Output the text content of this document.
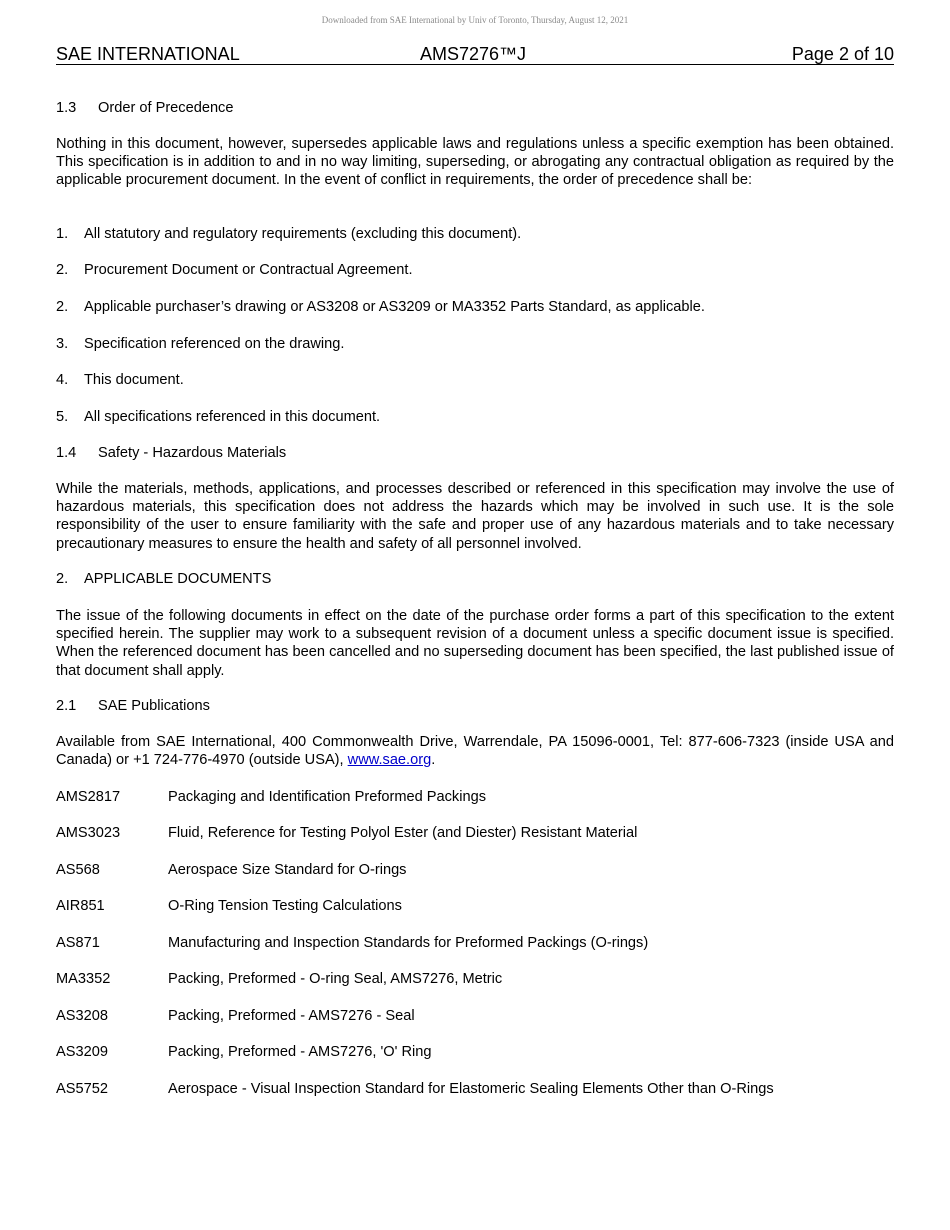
Downloaded from SAE International by Univ of Toronto, Thursday, August 12, 2021
SAE INTERNATIONAL	AMS7276™J	Page 2 of 10
1.3 Order of Precedence
Nothing in this document, however, supersedes applicable laws and regulations unless a specific exemption has been obtained. This specification is in addition to and in no way limiting, superseding, or abrogating any contractual obligation as required by the applicable procurement document. In the event of conflict in requirements, the order of precedence shall be:
1. All statutory and regulatory requirements (excluding this document).
2. Procurement Document or Contractual Agreement.
2. Applicable purchaser’s drawing or AS3208 or AS3209 or MA3352 Parts Standard, as applicable.
3. Specification referenced on the drawing.
4. This document.
5. All specifications referenced in this document.
1.4 Safety - Hazardous Materials
While the materials, methods, applications, and processes described or referenced in this specification may involve the use of hazardous materials, this specification does not address the hazards which may be involved in such use. It is the sole responsibility of the user to ensure familiarity with the safe and proper use of any hazardous materials and to take necessary precautionary measures to ensure the health and safety of all personnel involved.
2. APPLICABLE DOCUMENTS
The issue of the following documents in effect on the date of the purchase order forms a part of this specification to the extent specified herein. The supplier may work to a subsequent revision of a document unless a specific document issue is specified. When the referenced document has been cancelled and no superseding document has been specified, the last published issue of that document shall apply.
2.1 SAE Publications
Available from SAE International, 400 Commonwealth Drive, Warrendale, PA 15096-0001, Tel: 877-606-7323 (inside USA and Canada) or +1 724-776-4970 (outside USA), www.sae.org.
AMS2817	Packaging and Identification Preformed Packings
AMS3023	Fluid, Reference for Testing Polyol Ester (and Diester) Resistant Material
AS568	Aerospace Size Standard for O-rings
AIR851	O-Ring Tension Testing Calculations
AS871	Manufacturing and Inspection Standards for Preformed Packings (O-rings)
MA3352	Packing, Preformed - O-ring Seal, AMS7276, Metric
AS3208	Packing, Preformed - AMS7276 - Seal
AS3209	Packing, Preformed - AMS7276, 'O' Ring
AS5752	Aerospace - Visual Inspection Standard for Elastomeric Sealing Elements Other than O-Rings
